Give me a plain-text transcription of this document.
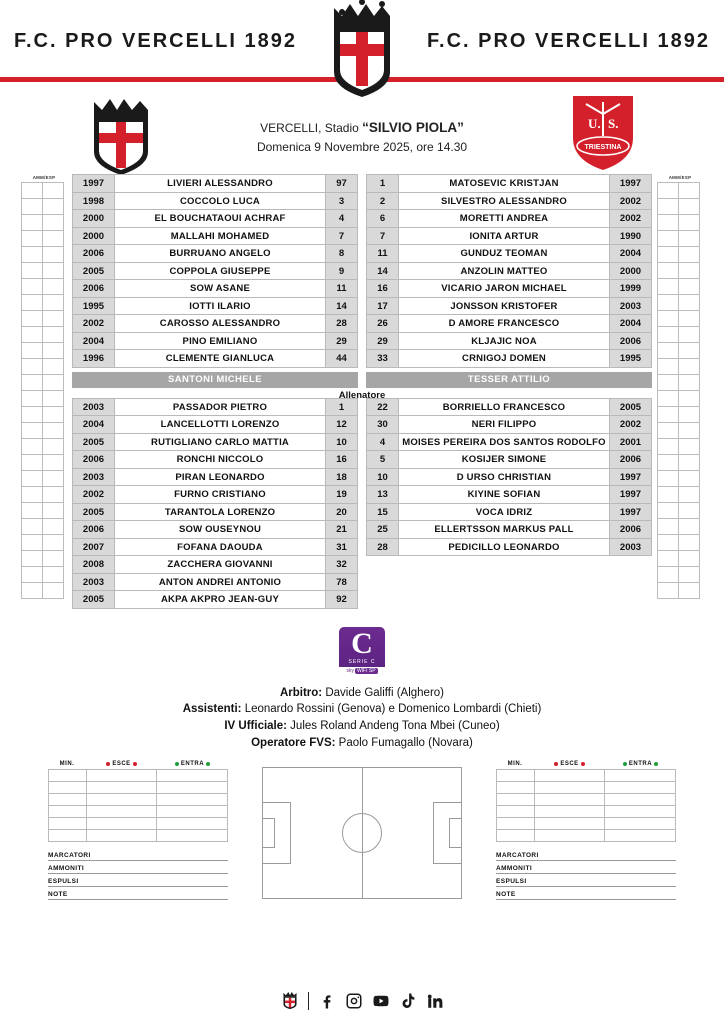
F.C. PRO VERCELLI 1892	F.C. PRO VERCELLI 1892
VERCELLI, Stadio “SILVIO PIOLA”
Domenica 9 Novembre 2025, ore 14.30
U. S.
TRIESTINA
AMM/ESP	AMM/ESP
1997	LIVIERI ALESSANDRO	97
1998	COCCOLO LUCA	3
2000	EL BOUCHATAOUI ACHRAF	4
2000	MALLAHI MOHAMED	7
2006	BURRUANO ANGELO	8
2005	COPPOLA GIUSEPPE	9
2006	SOW ASANE	11
1995	IOTTI ILARIO	14
2002	CAROSSO ALESSANDRO	28
2004	PINO EMILIANO	29
1996	CLEMENTE GIANLUCA	44
1	MATOSEVIC KRISTJAN	1997
2	SILVESTRO ALESSANDRO	2002
6	MORETTI ANDREA	2002
7	IONITA ARTUR	1990
11	GUNDUZ TEOMAN	2004
14	ANZOLIN MATTEO	2000
16	VICARIO JARON MICHAEL	1999
17	JONSSON KRISTOFER	2003
26	D AMORE FRANCESCO	2004
29	KLJAJIC NOA	2006
33	CRNIGOJ DOMEN	1995
SANTONI MICHELE	TESSER ATTILIO
Allenatore
2003	PASSADOR PIETRO	1
2004	LANCELLOTTI LORENZO	12
2005	RUTIGLIANO CARLO MATTIA	10
2006	RONCHI NICCOLO	16
2003	PIRAN LEONARDO	18
2002	FURNO CRISTIANO	19
2005	TARANTOLA LORENZO	20
2006	SOW OUSEYNOU	21
2007	FOFANA DAOUDA	31
2008	ZACCHERA GIOVANNI	32
2003	ANTON ANDREI ANTONIO	78
2005	AKPA AKPRO JEAN-GUY	92
22	BORRIELLO FRANCESCO	2005
30	NERI FILIPPO	2002
4	MOISES PEREIRA DOS SANTOS RODOLFO	2001
5	KOSIJER SIMONE	2006
10	D URSO CHRISTIAN	1997
13	KIYINE SOFIAN	1997
15	VOCA IDRIZ	1997
25	ELLERTSSON MARKUS PALL	2006
28	PEDICILLO LEONARDO	2003
C
SERIE C
sky WIFI SP
Arbitro: Davide Galiffi (Alghero)
Assistenti: Leonardo Rossini (Genova) e Domenico Lombardi (Chieti)
IV Ufficiale: Jules Roland Andeng Tona Mbei (Cuneo)
Operatore FVS: Paolo Fumagallo (Novara)
MIN.	ESCE	ENTRA

MARCATORI
AMMONITI
ESPULSI
NOTE
MIN.	ESCE	ENTRA

MARCATORI
AMMONITI
ESPULSI
NOTE
